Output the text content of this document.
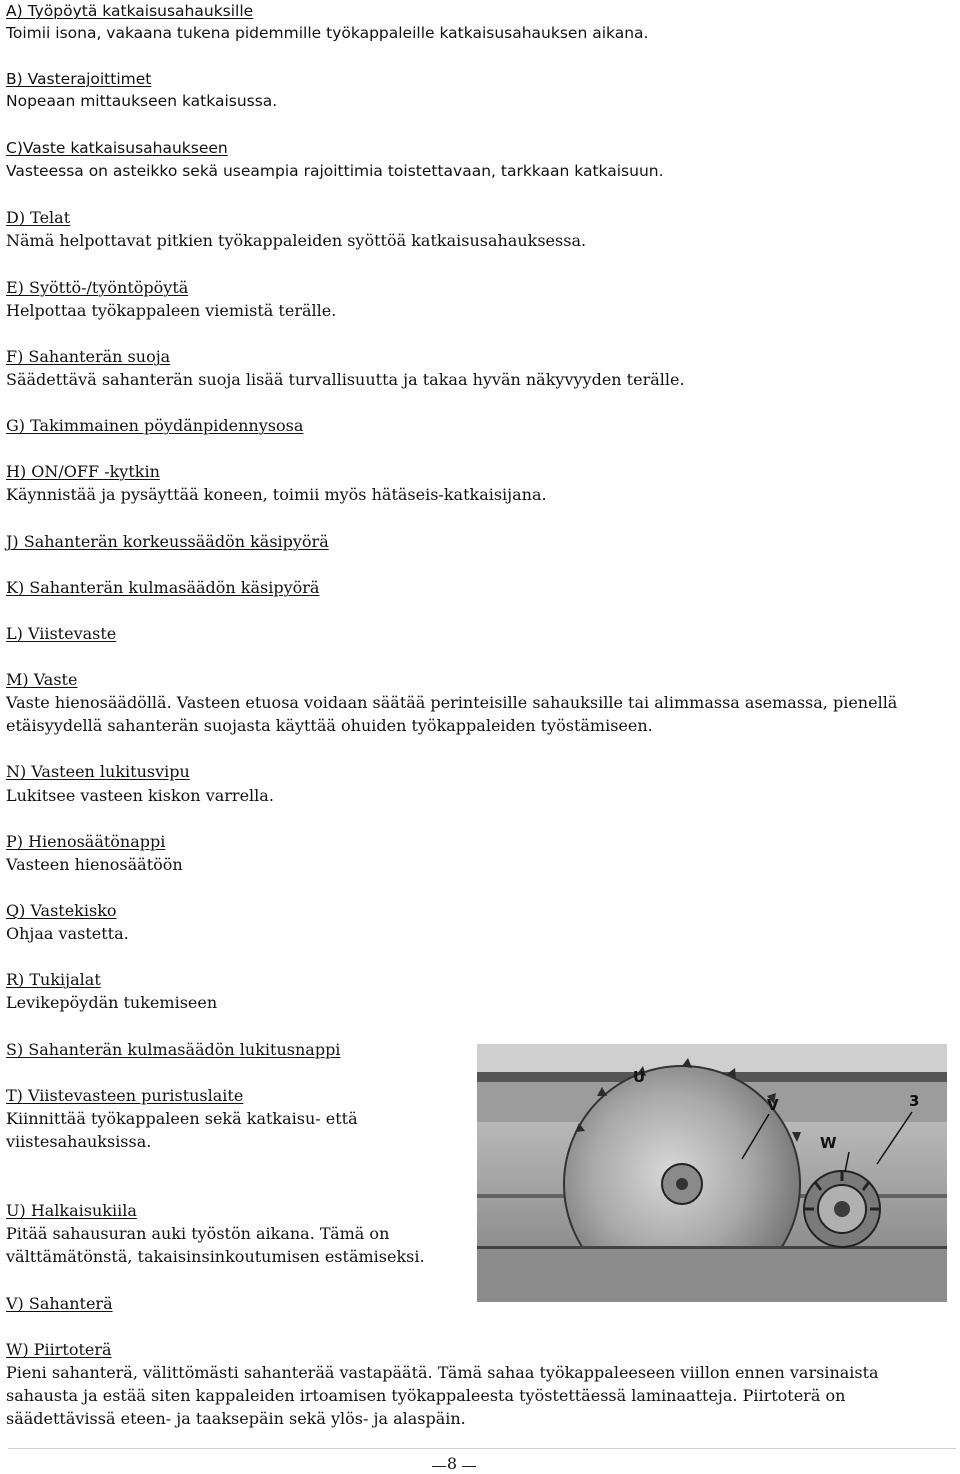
A) Työpöytä katkaisusahauksille
Toimii isona, vakaana tukena pidemmille työkappaleille katkaisusahauksen aikana.
B) Vasterajoittimet
Nopeaan mittaukseen katkaisussa.
C)Vaste katkaisusahaukseen
Vasteessa on asteikko sekä useampia rajoittimia toistettavaan, tarkkaan katkaisuun.
D) Telat
Nämä helpottavat pitkien työkappaleiden syöttöä katkaisusahauksessa.
E) Syöttö-/työntöpöytä
Helpottaa työkappaleen viemistä terälle.
F) Sahanterän suoja
Säädettävä sahanterän suoja lisää turvallisuutta ja takaa hyvän näkyvyyden terälle.
G) Takimmainen pöydänpidennysosa
H) ON/OFF -kytkin
Käynnistää ja pysäyttää koneen, toimii myös hätäseis-katkaisijana.
J) Sahanterän korkeussäädön käsipyörä
K) Sahanterän kulmasäädön käsipyörä
L) Viistevaste
M) Vaste
Vaste hienosäädöllä. Vasteen etuosa voidaan säätää perinteisille sahauksille tai alimmassa asemassa, pienellä
etäisyydellä sahanterän suojasta käyttää ohuiden työkappaleiden työstämiseen.
N) Vasteen lukitusvipu
Lukitsee vasteen kiskon varrella.
P) Hienosäätönappi
Vasteen hienosäätöön
Q) Vastekisko
Ohjaa vastetta.
R) Tukijalat
Levikepöydän tukemiseen
S) Sahanterän kulmasäädön lukitusnappi
T) Viistevasteen puristuslaite
Kiinnittää työkappaleen sekä katkaisu- että
viistesahauksissa.
U) Halkaisukiila
Pitää sahausuran auki työstön aikana. Tämä on
välttämätönstä, takaisinsinkoutumisen estämiseksi.
V) Sahanterä
W) Piirtoterä
Pieni sahanterä, välittömästi sahanterää vastapäätä. Tämä sahaa työkappaleeseen viillon ennen varsinaista
sahausta ja estää siten kappaleiden irtoamisen työkappaleesta työstettäessä laminaatteja. Piirtoterä on
säädettävissä eteen- ja taaksepäin sekä ylös- ja alaspäin.
U
V
W
3
8
